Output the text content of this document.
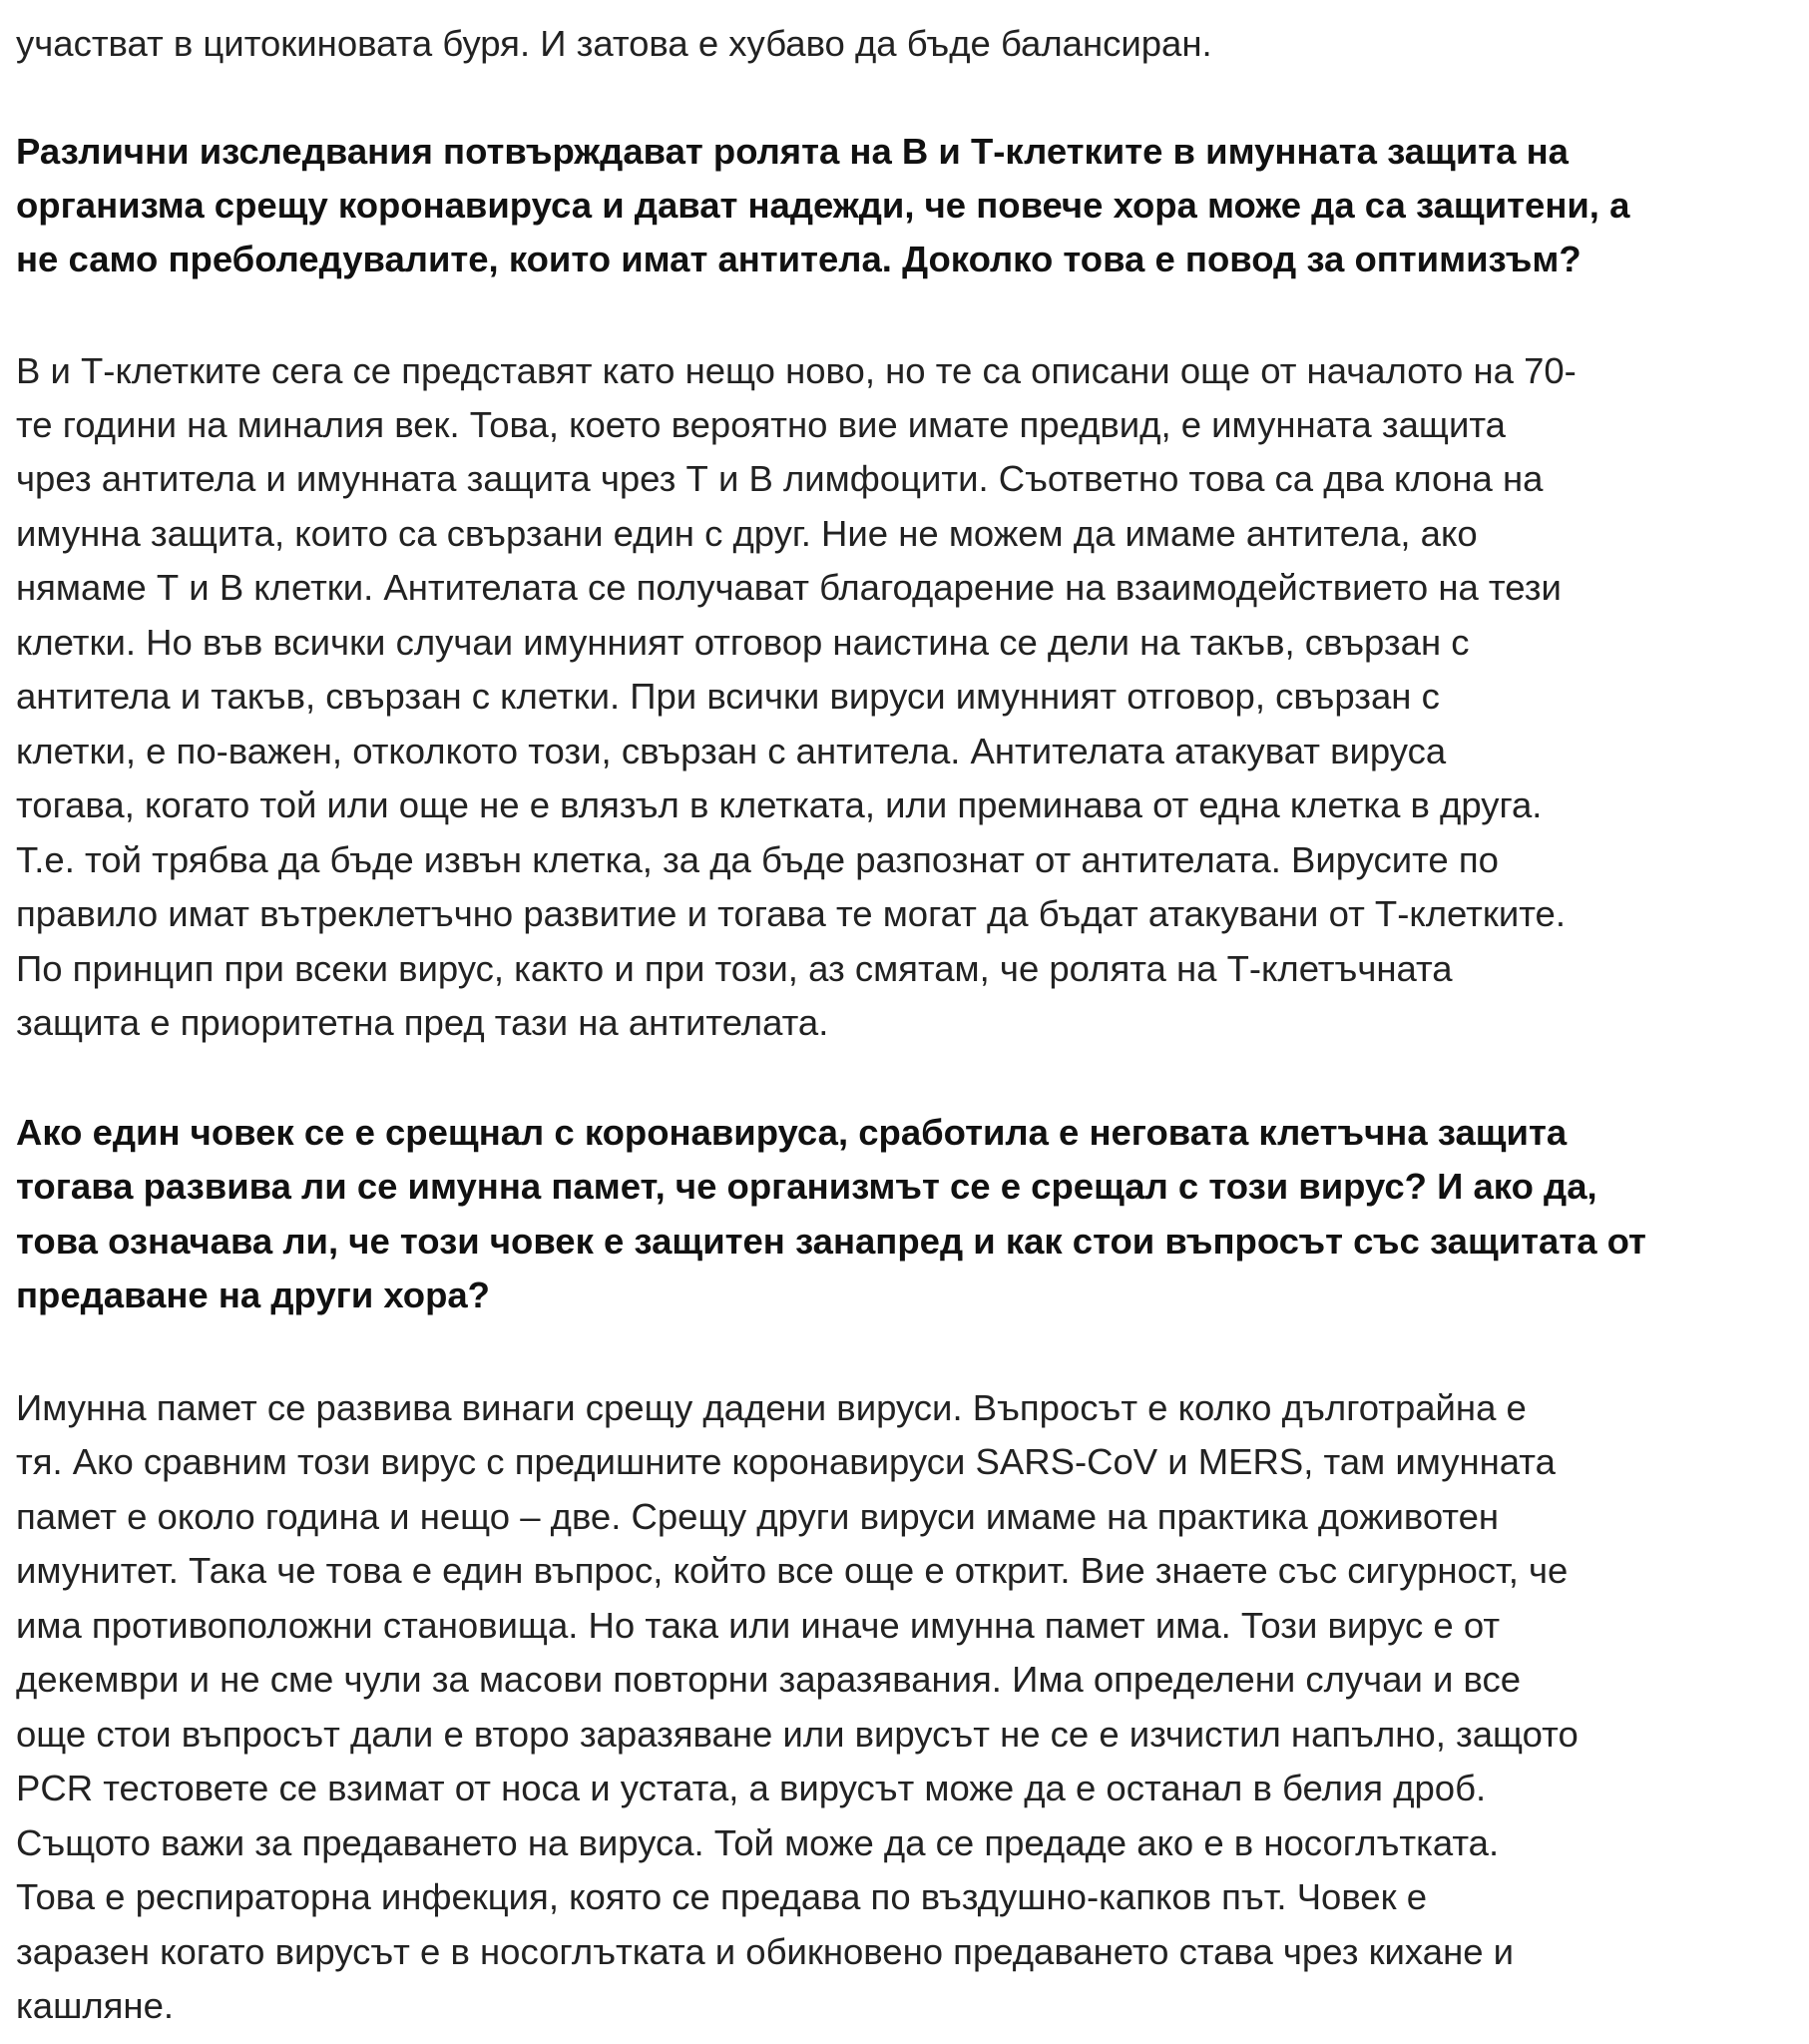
участват в цитокиновата буря. И затова е хубаво да бъде балансиран.
Различни изследвания потвърждават ролята на B и Т-клетките в имунната защита на
организма срещу коронавируса и дават надежди, че повече хора може да са защитени, а
не само преболедувалите, които имат антитела. Доколко това е повод за оптимизъм?
В и Т-клетките сега се представят като нещо ново, но те са описани още от началото на 70-
те години на миналия век. Това, което вероятно вие имате предвид, е имунната защита
чрез антитела и имунната защита чрез Т и В лимфоцити. Съответно това са два клона на
имунна защита, които са свързани един с друг. Ние не можем да имаме антитела, ако
нямаме Т и В клетки. Антителата се получават благодарение на взаимодействието на тези
клетки. Но във всички случаи имунният отговор наистина се дели на такъв, свързан с
антитела и такъв, свързан с клетки. При всички вируси имунният отговор, свързан с
клетки, е по-важен, отколкото този, свързан с антитела. Антителата атакуват вируса
тогава, когато той или още не е влязъл в клетката, или преминава от една клетка в друга.
Т.е. той трябва да бъде извън клетка, за да бъде разпознат от антителата. Вирусите по
правило имат вътреклетъчно развитие и тогава те могат да бъдат атакувани от Т-клетките.
По принцип при всеки вирус, както и при този, аз смятам, че ролята на Т-клетъчната
защита е приоритетна пред тази на антителата.
Ако един човек се е срещнал с коронавируса, сработила е неговата клетъчна защита
тогава развива ли се имунна памет, че организмът се е срещал с този вирус? И ако да,
това означава ли, че този човек е защитен занапред и как стои въпросът със защитата от
предаване на други хора?
Имунна памет се развива винаги срещу дадени вируси. Въпросът е колко дълготрайна е
тя. Ако сравним този вирус с предишните коронавируси SARS-CoV и MERS, там имунната
памет е около година и нещо – две. Срещу други вируси имаме на практика доживотен
имунитет. Така че това е един въпрос, който все още е открит. Вие знаете със сигурност, че
има противоположни становища. Но така или иначе имунна памет има. Този вирус е от
декември и не сме чули за масови повторни заразявания. Има определени случаи и все
още стои въпросът дали е второ заразяване или вирусът не се е изчистил напълно, защото
PCR тестовете се взимат от носа и устата, а вирусът може да е останал в белия дроб.
Същото важи за предаването на вируса. Той може да се предаде ако е в носоглътката.
Това е респираторна инфекция, която се предава по въздушно-капков път. Човек е
заразен когато вирусът е в носоглътката и обикновено предаването става чрез кихане и
кашляне.
